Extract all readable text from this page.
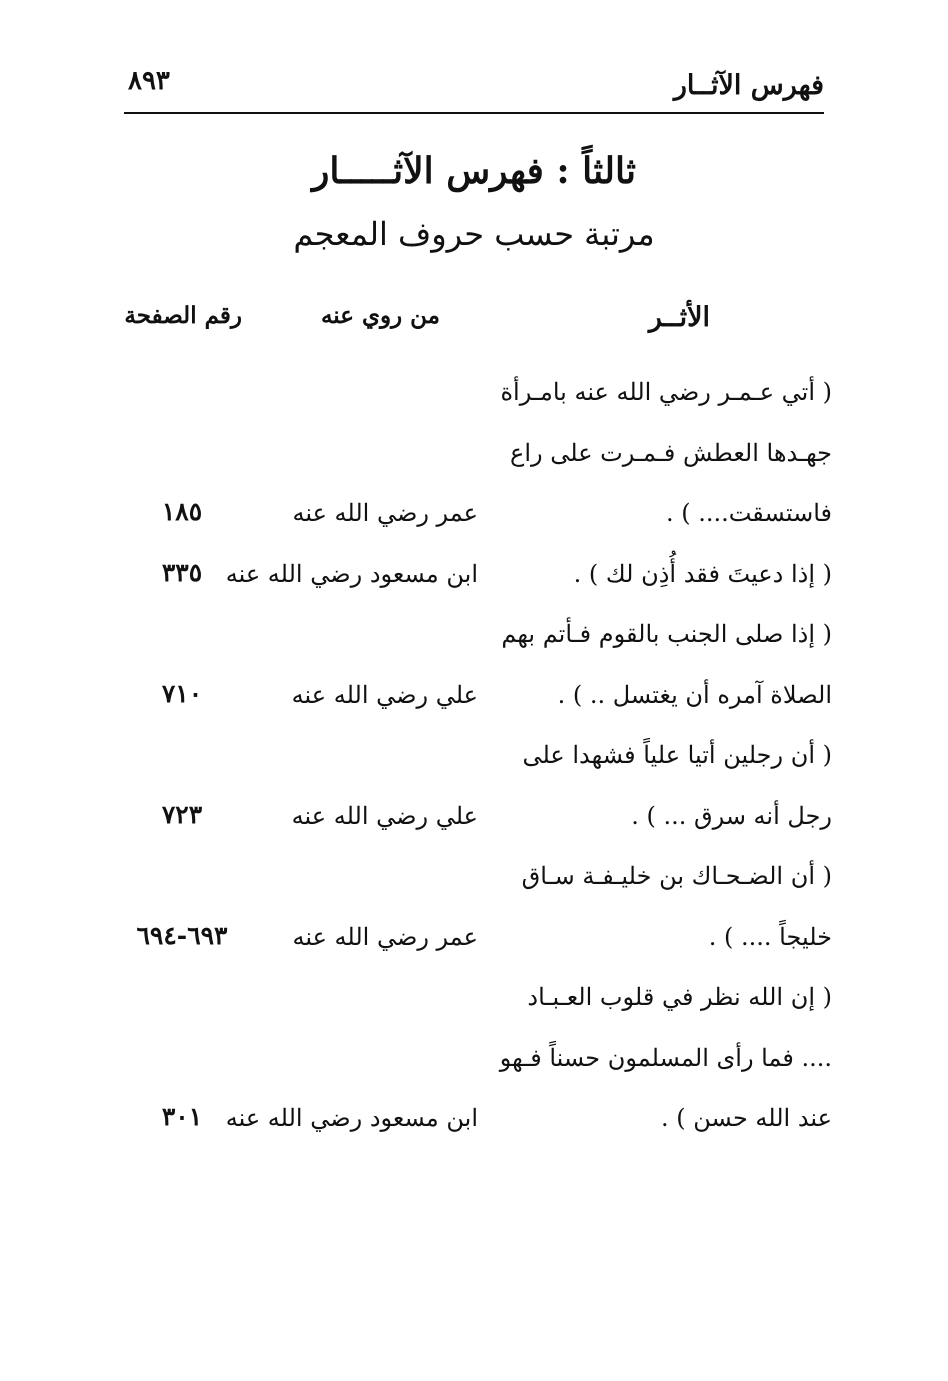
فهرس الآثــار
٨٩٣
ثالثاً : فهرس الآثـــــار
مرتبة حسب حروف المعجم
الأثــر
من روي عنه
رقم الصفحة
( أتي عـمـر رضي الله عنه بامـرأة
جهـدها العطش فـمـرت على راع
فاستسقت.... ) .
عمر رضي الله عنه
١٨٥
( إذا دعيتَ فقد أُذِن لك ) .
ابن مسعود رضي الله عنه
٣٣٥
( إذا صلى الجنب بالقوم فـأتم بهم
الصلاة آمره أن يغتسل .. ) .
علي رضي الله عنه
٧١٠
( أن رجلين أتيا علياً فشهدا على
رجل أنه سرق ... ) .
علي رضي الله عنه
٧٢٣
( أن الضـحـاك بن خليـفـة سـاق
خليجاً .... ) .
عمر رضي الله عنه
٦٩٣-٦٩٤
( إن الله نظر في قلوب العـبـاد
.... فما رأى المسلمون حسناً فـهو
عند الله حسن ) .
ابن مسعود رضي الله عنه
٣٠١
